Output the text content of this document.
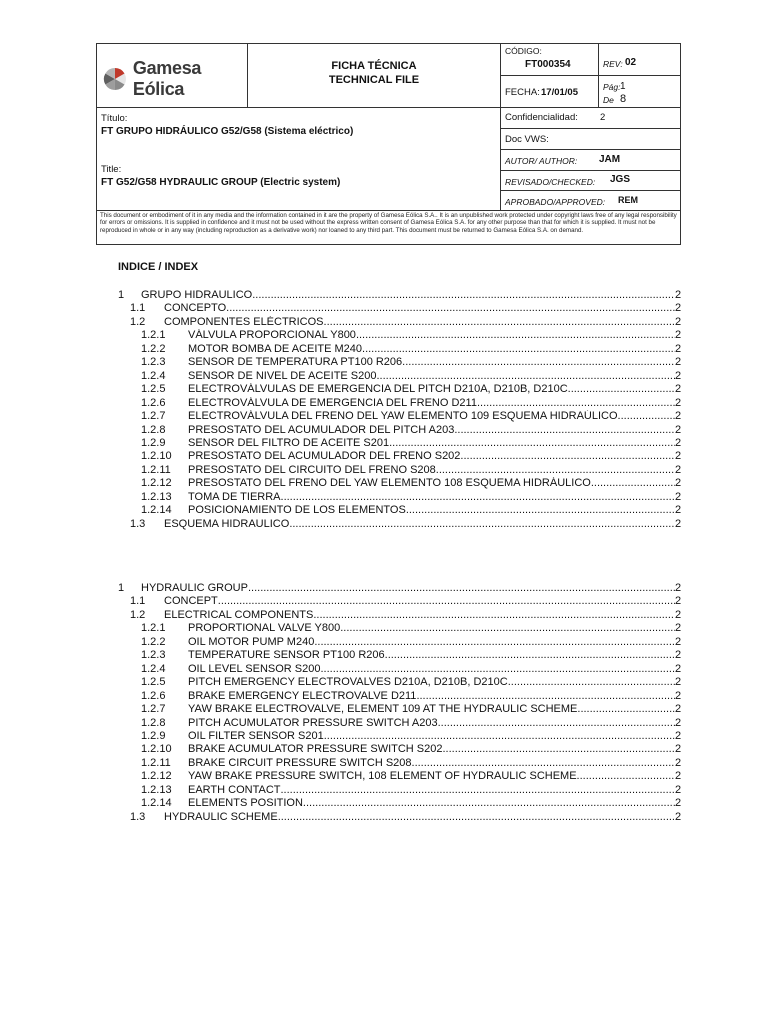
Gamesa Eólica
FICHA TÉCNICA
TECHNICAL FILE
CÓDIGO:
FT000354	REV: 02
FECHA: 17/01/05	Pág: 1
De 8
Título:
FT GRUPO HIDRÁULICO G52/G58 (Sistema eléctrico)
Title:
FT G52/G58 HYDRAULIC GROUP (Electric system)
Confidencialidad: 2
Doc VWS:
AUTOR/ AUTHOR: JAM
REVISADO/CHECKED: JGS
APROBADO/APPROVED: REM
This document or embodiment of it in any media and the information contained in it are the property of Gamesa Eólica S.A.. It is an unpublished work protected under copyright laws free of any legal responsibility for errors or omissions. It is supplied in confidence and it must not be used without the express written consent of Gamesa Eólica S.A. for any other purpose than that for which it is supplied. It must not be reproduced in whole or in any way (including reproduction as a derivative work) nor loaned to any third part. This document must be returned to Gamesa Eólica S.A. on demand.
INDICE / INDEX
1 GRUPO HIDRAULICO .....	2
1.1 CONCEPTO .....	2
1.2 COMPONENTES ELÉCTRICOS .....	2
1.2.1 VÁLVULA PROPORCIONAL Y800 .....	2
1.2.2 MOTOR BOMBA DE ACEITE M240 .....	2
1.2.3 SENSOR DE TEMPERATURA PT100 R206 .....	2
1.2.4 SENSOR DE NIVEL DE ACEITE S200 .....	2
1.2.5 ELECTROVÁLVULAS DE EMERGENCIA DEL PITCH D210A, D210B, D210C .....	2
1.2.6 ELECTROVÁLVULA DE EMERGENCIA DEL FRENO D211 .....	2
1.2.7 ELECTROVÁLVULA DEL FRENO DEL YAW ELEMENTO 109 ESQUEMA HIDRAÚLICO .....	2
1.2.8 PRESOSTATO DEL ACUMULADOR DEL PITCH A203 .....	2
1.2.9 SENSOR DEL FILTRO DE ACEITE S201 .....	2
1.2.10 PRESOSTATO DEL ACUMULADOR DEL FRENO S202 .....	2
1.2.11 PRESOSTATO DEL CIRCUITO DEL FRENO S208 .....	2
1.2.12 PRESOSTATO DEL FRENO DEL YAW ELEMENTO 108 ESQUEMA HIDRÁULICO .....	2
1.2.13 TOMA DE TIERRA .....	2
1.2.14 POSICIONAMIENTO DE LOS ELEMENTOS .....	2
1.3 ESQUEMA HIDRAULICO .....	2
1 HYDRAULIC GROUP .....	2
1.1 CONCEPT .....	2
1.2 ELECTRICAL COMPONENTS .....	2
1.2.1 PROPORTIONAL VALVE Y800 .....	2
1.2.2 OIL MOTOR PUMP M240 .....	2
1.2.3 TEMPERATURE SENSOR PT100 R206 .....	2
1.2.4 OIL LEVEL SENSOR S200 .....	2
1.2.5 PITCH EMERGENCY ELECTROVALVES D210A, D210B, D210C .....	2
1.2.6 BRAKE EMERGENCY ELECTROVALVE D211 .....	2
1.2.7 YAW BRAKE ELECTROVALVE, ELEMENT 109 AT THE HYDRAULIC SCHEME .....	2
1.2.8 PITCH ACUMULATOR PRESSURE SWITCH A203 .....	2
1.2.9 OIL FILTER SENSOR S201 .....	2
1.2.10 BRAKE ACUMULATOR PRESSURE SWITCH S202 .....	2
1.2.11 BRAKE CIRCUIT PRESSURE SWITCH S208 .....	2
1.2.12 YAW BRAKE PRESSURE SWITCH, 108 ELEMENT OF HYDRAULIC SCHEME .....	2
1.2.13 EARTH CONTACT .....	2
1.2.14 ELEMENTS POSITION .....	2
1.3 HYDRAULIC SCHEME .....	2
